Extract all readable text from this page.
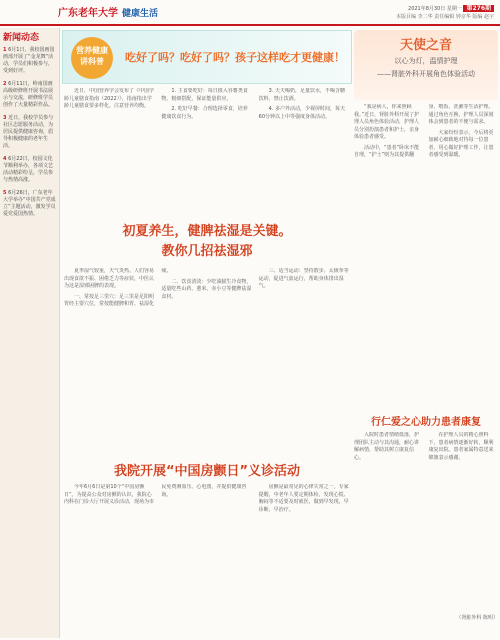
广东老年大学 健康生活	2021年8月30日 星期一 第276期
本版目编 李二华 责任编辑 钟京华 版编 赵宇
新闻动态
1 6月1日，我校国画国画部开展了“金龙舞”活动，学员们积极参与，受到好评。
2 6月11日，岭南国画高级研修班开展书法展示与交流，研修班学员创作了大量精彩作品。
3 近日，我校学员参与社区志愿服务活动，为居民提供健康咨询，倡导积极健康的老年生活。
4 6月22日，校园文化节顺利举办，各项文艺活动精彩纷呈，学员参与热情高涨。
5 6月26日，广东老年大学举办“中国共产党成立”主题活动，激发学员爱党爱国热情。
营养健康
讲科普	吃好了吗？吃好了吗？孩子这样吃才更健康！

近日，中国营养学会发布了《中国学龄儿童膳食指南（2022）》，指南指出学龄儿童膳食要多样化，注意营养均衡。

1. 主食要吃好：每日摄入谷薯类食物，粗细搭配，保证能量供应。

2. 吃好早餐：合理选择零食，培养健康饮食行为。

3. 天天喝奶，足量饮水，不喝含糖饮料，禁止饮酒。

4. 多户外活动，少视屏时间，每天60分钟以上中等强度身体活动。

初夏养生，健脾祛湿是关键。
教你几招祛湿邪

夏季湿气较重，天气炎热。人们容易出现食欲不振、困倦乏力等症状，中医认为这是湿邪困脾的表现。

一、常按足三里穴：足三里是足阳明胃经主要穴位，常按能健脾和胃、祛湿化痰。

二、饮食清淡：少吃油腻生冷食物，适量吃些山药、薏米、赤小豆等健脾祛湿食材。

三、适当运动：坚持散步、太极拳等运动，促进气血运行，帮助身体排出湿气。

我院开展“中国房颤日”义诊活动

今年6月6日是第10个“中国房颤日”。为提高公众对房颤的认识，我院心内科在门诊大厅开展义诊活动，现场为市民免费测血压、心电图，并提供健康咨询。

房颤是最常见的心律失常之一，专家提醒，中老年人要定期体检，发现心慌、胸闷等不适要及时就医，做到早发现、早诊断、早治疗。

天使之音
以心为灯，温情护理
——肾脏外科开展角色体验活动

“我是病人，你来照顾我。”近日，肾脏外科开展了护理人员角色体验活动，护理人员分别扮演患者和护士，亲身体验患者感受。

活动中，“患者”卧床不能自理，“护士”则为其提供翻身、喂饭、洗漱等生活护理。通过角色互换，护理人员深刻体会到患者的不便与需求。

大家纷纷表示，今后将更加耐心细致地对待每一位患者，用心做好护理工作，让患者感受到温暖。

行仁爱之心助力患者康复

入院时患者情绪低落，护理团队主动与其沟通，耐心讲解病情，帮助其树立康复信心。

在护理人员的精心照料下，患者病情逐渐好转，顺利康复出院。患者家属特意送来锦旗表示感谢。

（肾脏外科 陈明）
